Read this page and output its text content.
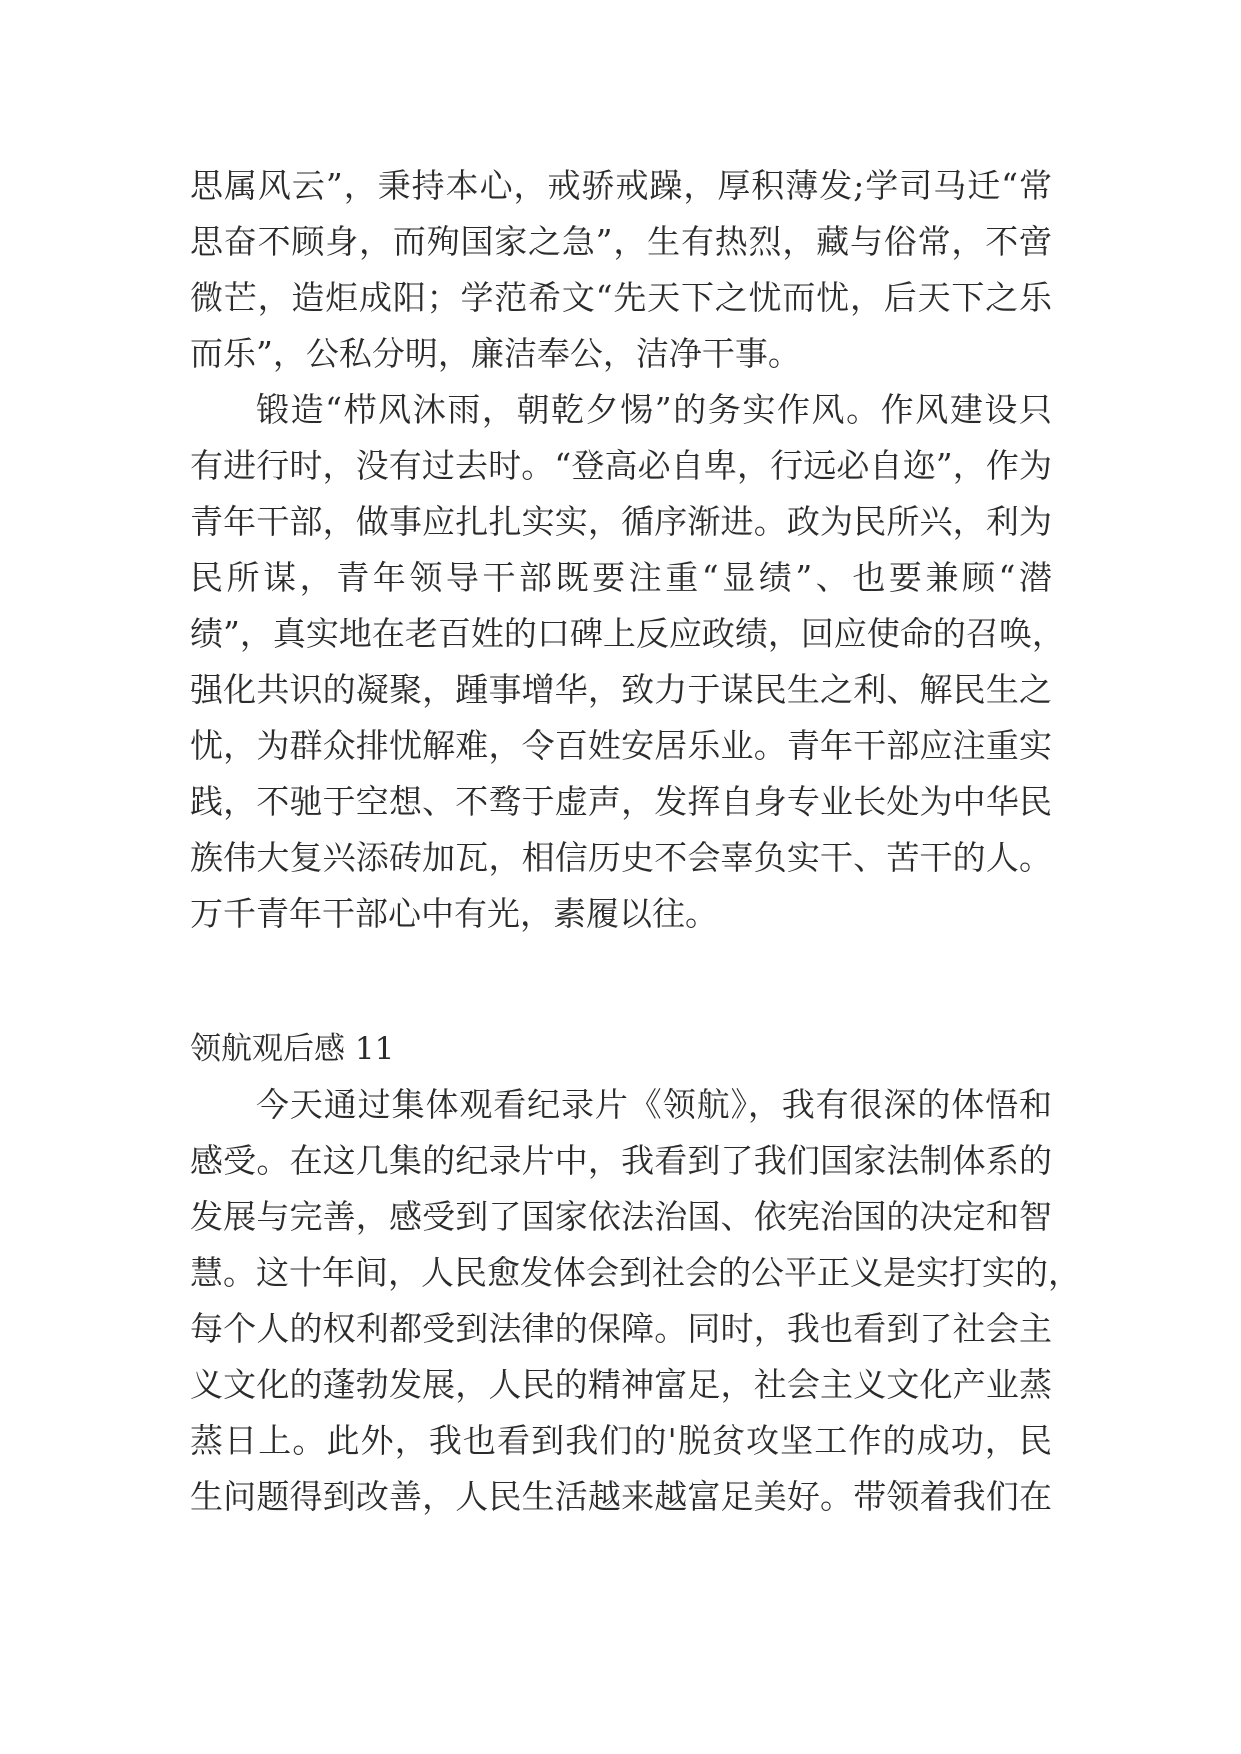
思属风云”，秉持本心，戒骄戒躁，厚积薄发;学司马迁“常
思奋不顾身，而殉国家之急”，生有热烈，藏与俗常，不啻
微芒，造炬成阳；学范希文“先天下之忧而忧，后天下之乐
而乐”，公私分明，廉洁奉公，洁净干事。
锻造“栉风沐雨，朝乾夕惕”的务实作风。作风建设只
有进行时，没有过去时。“登高必自卑，行远必自迩”，作为
青年干部，做事应扎扎实实，循序渐进。政为民所兴，利为
民所谋，青年领导干部既要注重“显绩”、也要兼顾“潜
绩”，真实地在老百姓的口碑上反应政绩，回应使命的召唤，
强化共识的凝聚，踵事增华，致力于谋民生之利、解民生之
忧，为群众排忧解难，令百姓安居乐业。青年干部应注重实
践，不驰于空想、不骛于虚声，发挥自身专业长处为中华民
族伟大复兴添砖加瓦，相信历史不会辜负实干、苦干的人。
万千青年干部心中有光，素履以往。
领航观后感 11
今天通过集体观看纪录片《领航》，我有很深的体悟和
感受。在这几集的纪录片中，我看到了我们国家法制体系的
发展与完善，感受到了国家依法治国、依宪治国的决定和智
慧。这十年间，人民愈发体会到社会的公平正义是实打实的，
每个人的权利都受到法律的保障。同时，我也看到了社会主
义文化的蓬勃发展，人民的精神富足，社会主义文化产业蒸
蒸日上。此外，我也看到我们的'脱贫攻坚工作的成功，民
生问题得到改善，人民生活越来越富足美好。带领着我们在
